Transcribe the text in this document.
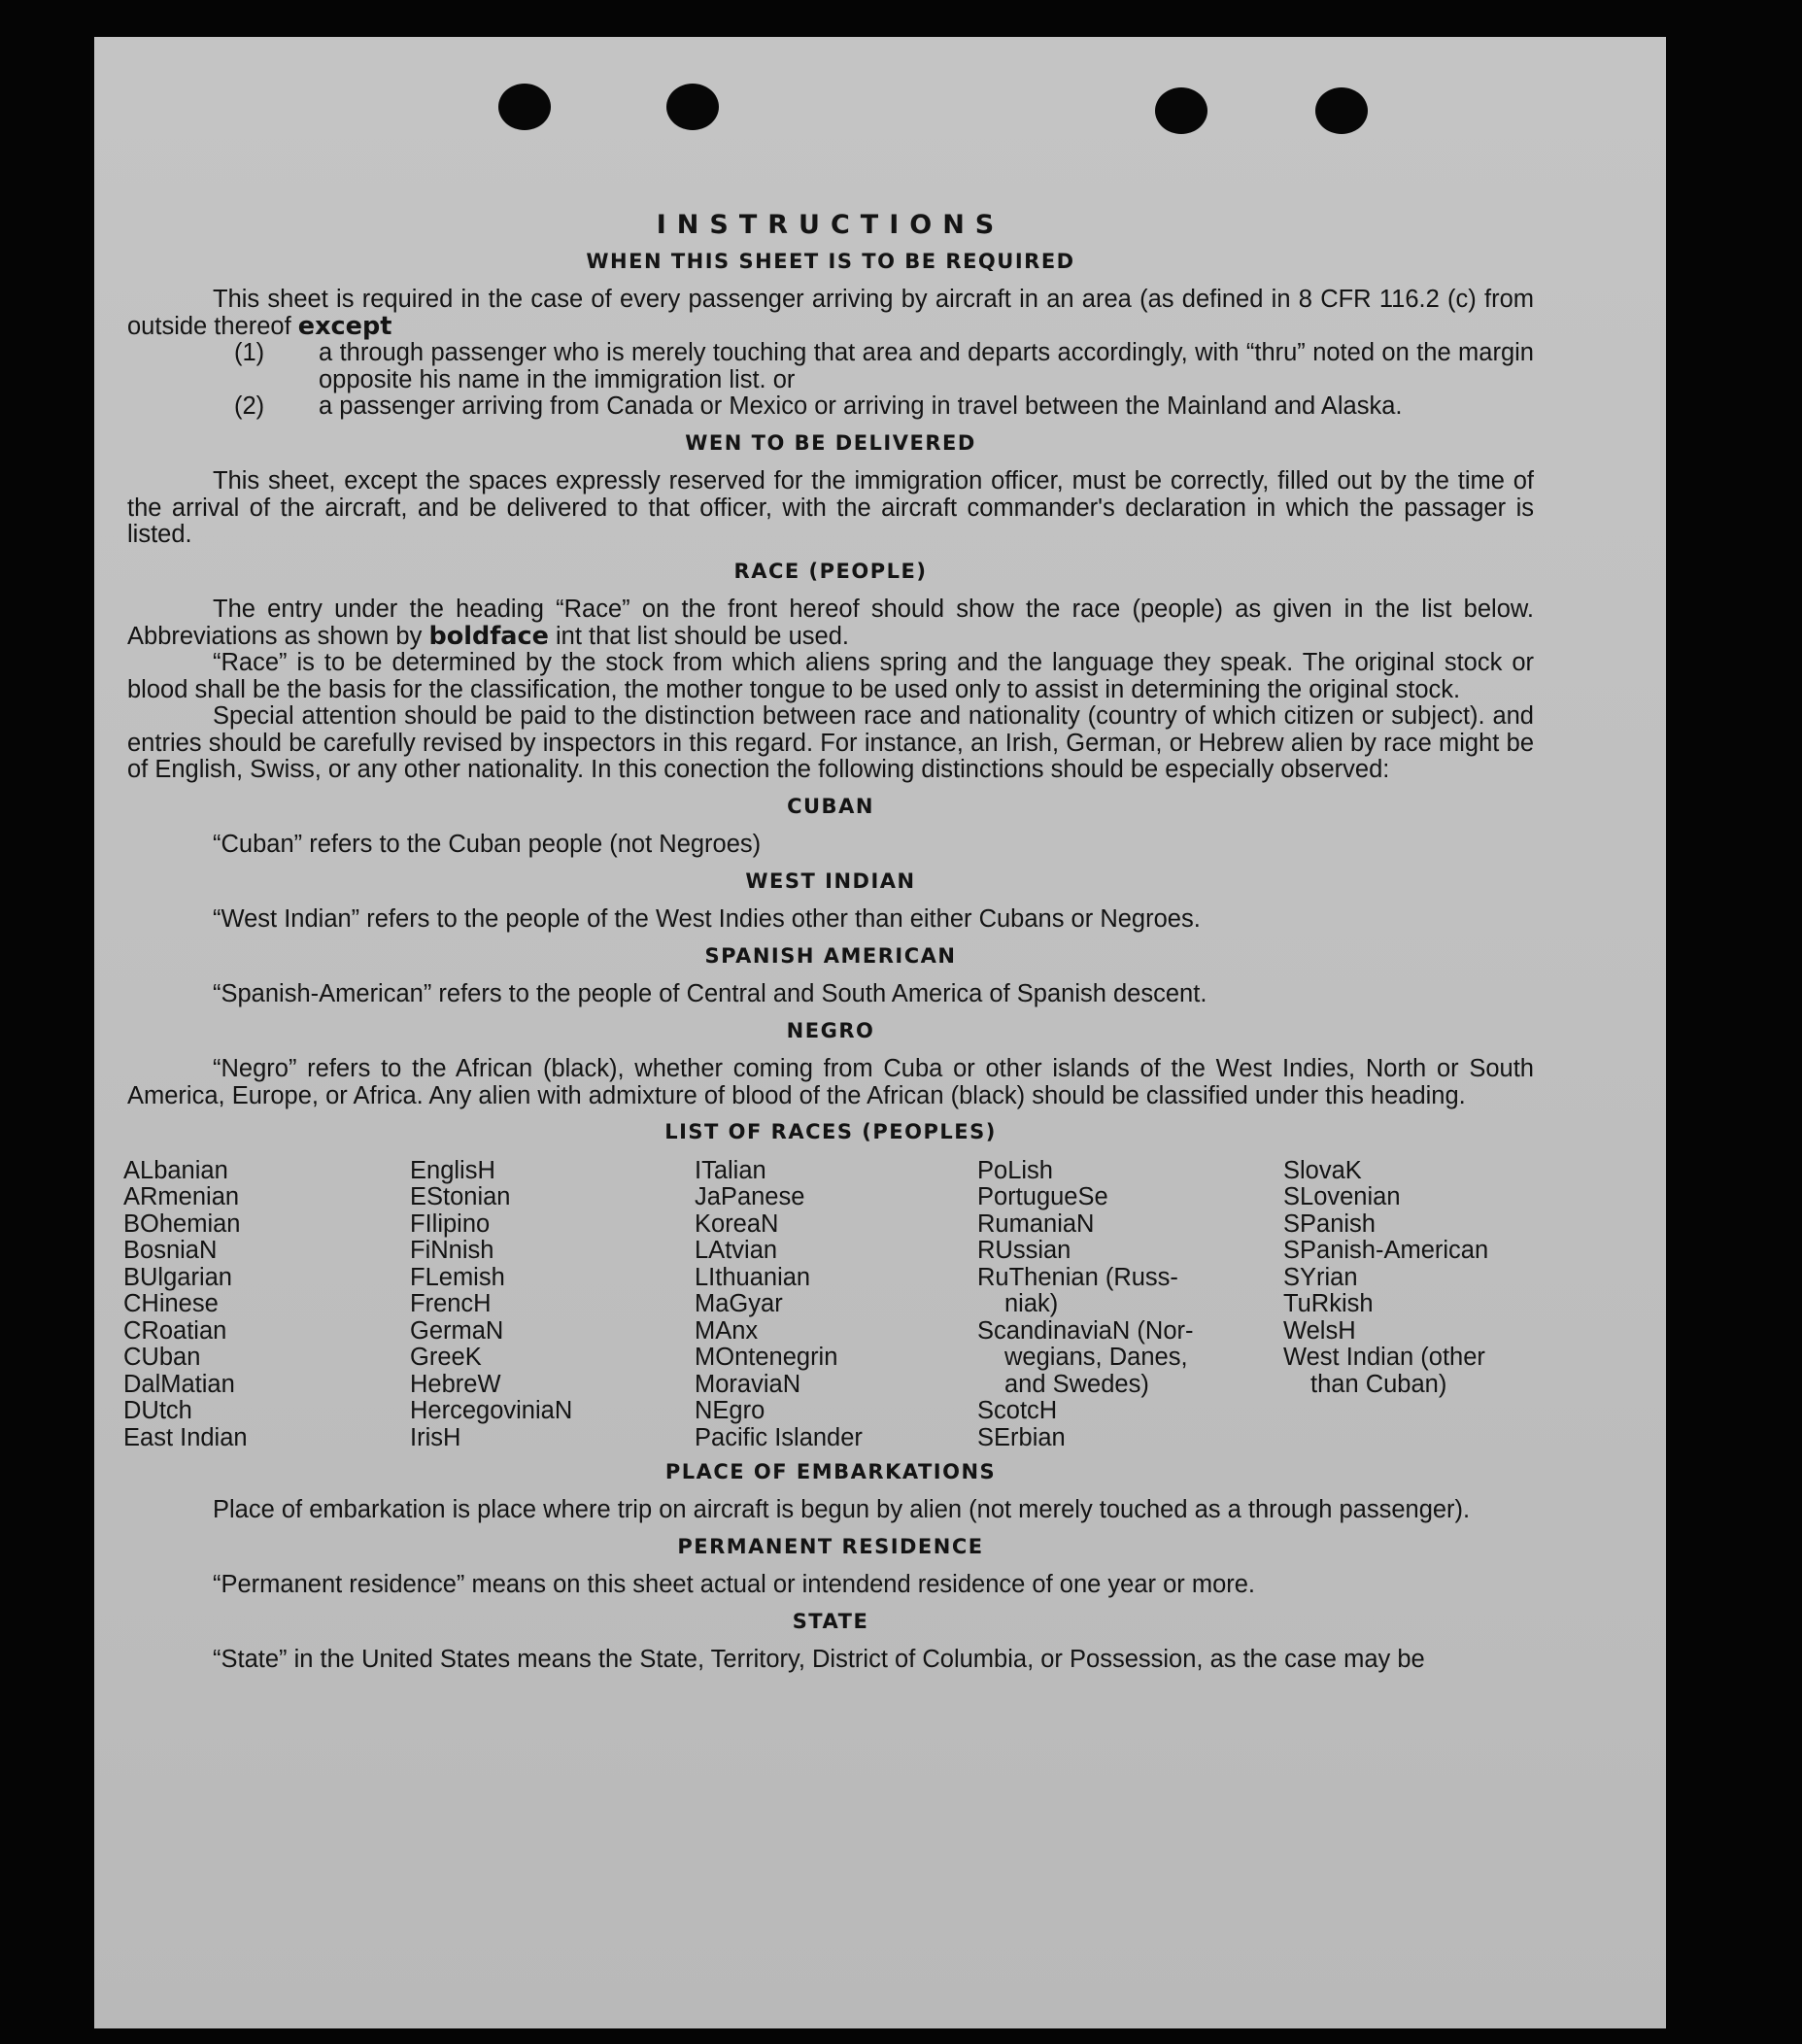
INSTRUCTIONS
WHEN THIS SHEET IS TO BE REQUIRED

This sheet is required in the case of every passenger arriving by aircraft in an area (as defined in 8 CFR 116.2 (c) from outside thereof except

(1) a through passenger who is merely touching that area and departs accordingly, with “thru” noted on the margin opposite his name in the immigration list. or
(2) a passenger arriving from Canada or Mexico or arriving in travel between the Mainland and Alaska.
WEN TO BE DELIVERED

This sheet, except the spaces expressly reserved for the immigration officer, must be correctly, filled out by the time of the arrival of the aircraft, and be delivered to that officer, with the aircraft commander's declaration in which the passager is listed.

RACE (PEOPLE)

The entry under the heading “Race” on the front hereof should show the race (people) as given in the list below. Abbreviations as shown by boldface int that list should be used.

“Race” is to be determined by the stock from which aliens spring and the language they speak. The original stock or blood shall be the basis for the classification, the mother tongue to be used only to assist in determining the original stock.

Special attention should be paid to the distinction between race and nationality (country of which citizen or subject). and entries should be carefully revised by inspectors in this regard. For instance, an Irish, German, or Hebrew alien by race might be of English, Swiss, or any other nationality. In this conection the following distinctions should be especially observed:

CUBAN

“Cuban” refers to the Cuban people (not Negroes)

WEST INDIAN

“West Indian” refers to the people of the West Indies other than either Cubans or Negroes.

SPANISH AMERICAN

“Spanish-American” refers to the people of Central and South America of Spanish descent.

NEGRO

“Negro” refers to the African (black), whether coming from Cuba or other islands of the West Indies, North or South America, Europe, or Africa. Any alien with admixture of blood of the African (black) should be classified under this heading.

LIST OF RACES (PEOPLES)
ALbanian
ARmenian
BOhemian
BosniaN
BUlgarian
CHinese
CRoatian
CUban
DalMatian
DUtch
East Indian
EnglisH
EStonian
FIlipino
FiNnish
FLemish
FrencH
GermaN
GreeK
HebreW
HercegoviniaN
IrisH
ITalian
JaPanese
KoreaN
LAtvian
LIthuanian
MaGyar
MAnx
MOntenegrin
MoraviaN
NEgro
Pacific Islander
PoLish
PortugueSe
RumaniaN
RUssian
RuThenian (Russ-
niak)
ScandinaviaN (Nor-
wegians, Danes,
and Swedes)
ScotcH
SErbian
SlovaK
SLovenian
SPanish
SPanish-American
SYrian
TuRkish
WelsH
West Indian (other
than Cuban)
PLACE OF EMBARKATIONS

Place of embarkation is place where trip on aircraft is begun by alien (not merely touched as a through passenger).

PERMANENT RESIDENCE

“Permanent residence” means on this sheet actual or intendend residence of one year or more.

STATE

“State” in the United States means the State, Territory, District of Columbia, or Possession, as the case may be
